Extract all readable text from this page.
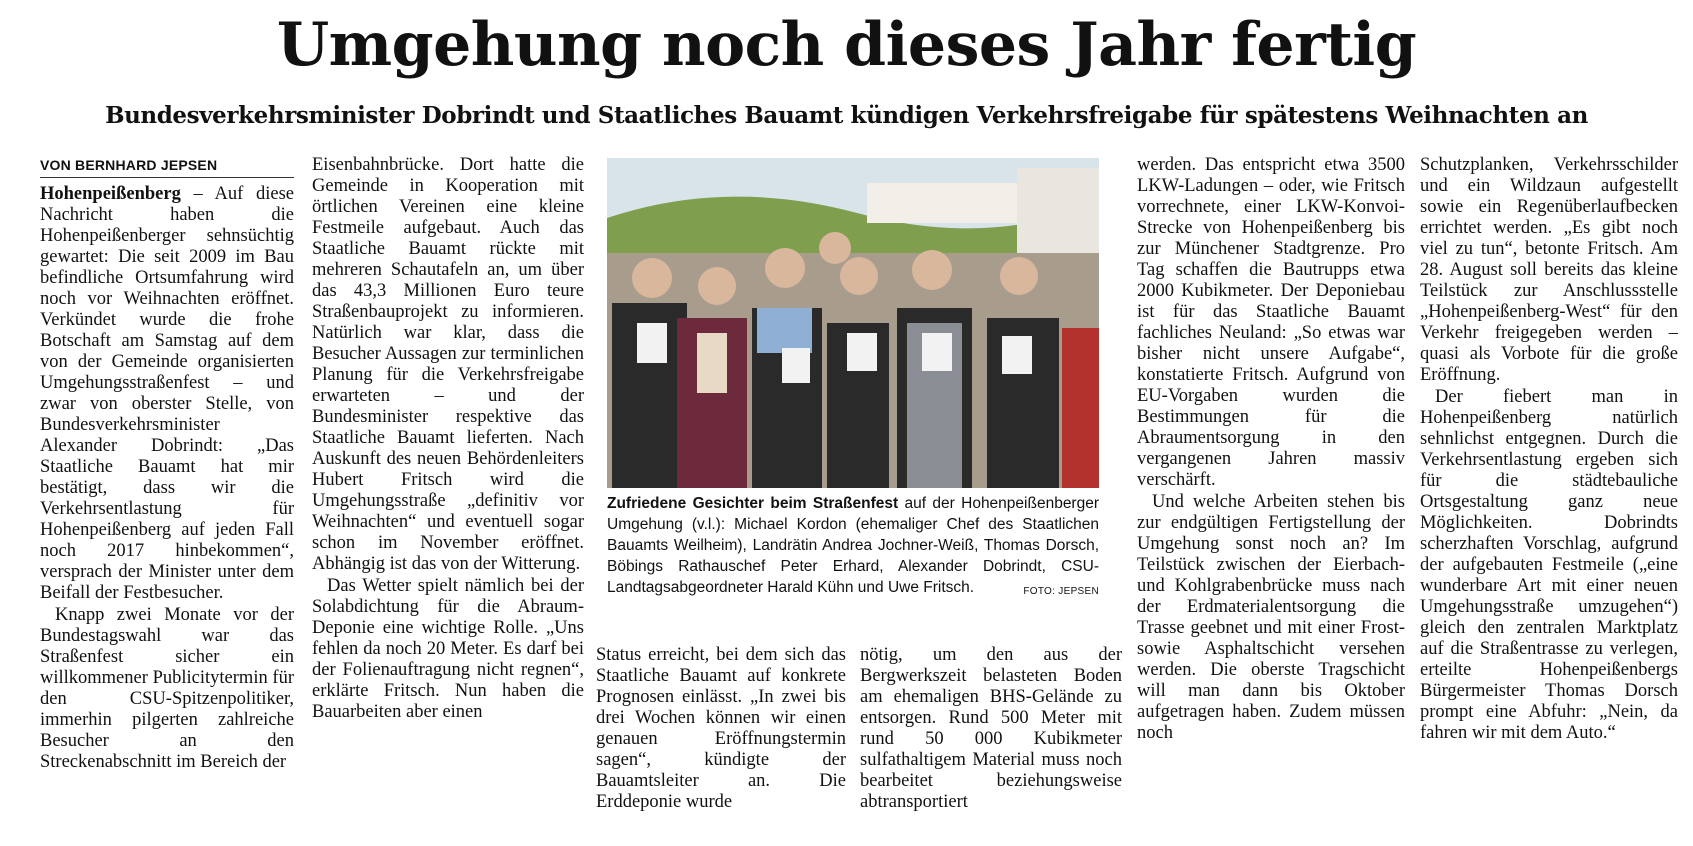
Umgehung noch dieses Jahr fertig
Bundesverkehrsminister Dobrindt und Staatliches Bauamt kündigen Verkehrsfreigabe für spätestens Weihnachten an
VON BERNHARD JEPSEN

Hohenpeißenberg – Auf diese Nachricht haben die Hohenpeißenberger sehnsüchtig gewartet: Die seit 2009 im Bau befindliche Ortsumfahrung wird noch vor Weihnachten eröffnet. Verkündet wurde die frohe Botschaft am Samstag auf dem von der Gemeinde organisierten Umgehungsstraßenfest – und zwar von oberster Stelle, von Bundesverkehrsminister Alexander Dobrindt: „Das Staatliche Bauamt hat mir bestätigt, dass wir die Verkehrsentlastung für Hohenpeißenberg auf jeden Fall noch 2017 hinbekommen“, versprach der Minister unter dem Beifall der Festbesucher.

Knapp zwei Monate vor der Bundestagswahl war das Straßenfest sicher ein willkommener Publicitytermin für den CSU-Spitzenpolitiker, immerhin pilgerten zahlreiche Besucher an den Streckenabschnitt im Bereich der

Eisenbahnbrücke. Dort hatte die Gemeinde in Kooperation mit örtlichen Vereinen eine kleine Festmeile aufgebaut. Auch das Staatliche Bauamt rückte mit mehreren Schautafeln an, um über das 43,3 Millionen Euro teure Straßenbauprojekt zu informieren. Natürlich war klar, dass die Besucher Aussagen zur terminlichen Planung für die Verkehrsfreigabe erwarteten – und der Bundesminister respektive das Staatliche Bauamt lieferten. Nach Auskunft des neuen Behördenleiters Hubert Fritsch wird die Umgehungsstraße „definitiv vor Weihnachten“ und eventuell sogar schon im November eröffnet. Abhängig ist das von der Witterung.

Das Wetter spielt nämlich bei der Solabdichtung für die Abraum-Deponie eine wichtige Rolle. „Uns fehlen da noch 20 Meter. Es darf bei der Folienauftragung nicht regnen“, erklärte Fritsch. Nun haben die Bauarbeiten aber einen

Zufriedene Gesichter beim Straßenfest auf der Hohenpeißenberger Umgehung (v.l.): Michael Kordon (ehemaliger Chef des Staatlichen Bauamts Weilheim), Landrätin Andrea Jochner-Weiß, Thomas Dorsch, Böbings Rathauschef Peter Erhard, Alexander Dobrindt, CSU-Landtagsabgeordneter Harald Kühn und Uwe Fritsch.	FOTO: JEPSEN

Status erreicht, bei dem sich das Staatliche Bauamt auf konkrete Prognosen einlässt. „In zwei bis drei Wochen können wir einen genauen Eröffnungstermin sagen“, kündigte der Bauamtsleiter an. Die Erddeponie wurde

nötig, um den aus der Bergwerkszeit belasteten Boden am ehemaligen BHS-Gelände zu entsorgen. Rund 500 Meter mit rund 50 000 Kubikmeter sulfathaltigem Material muss noch bearbeitet beziehungsweise abtransportiert

werden. Das entspricht etwa 3500 LKW-Ladungen – oder, wie Fritsch vorrechnete, einer LKW-Konvoi-Strecke von Hohenpeißenberg bis zur Münchener Stadtgrenze. Pro Tag schaffen die Bautrupps etwa 2000 Kubikmeter. Der Deponiebau ist für das Staatliche Bauamt fachliches Neuland: „So etwas war bisher nicht unsere Aufgabe“, konstatierte Fritsch. Aufgrund von EU-Vorgaben wurden die Bestimmungen für die Abraumentsorgung in den vergangenen Jahren massiv verschärft.

Und welche Arbeiten stehen bis zur endgültigen Fertigstellung der Umgehung sonst noch an? Im Teilstück zwischen der Eierbach- und Kohlgrabenbrücke muss nach der Erdmaterialentsorgung die Trasse geebnet und mit einer Frost- sowie Asphaltschicht versehen werden. Die oberste Tragschicht will man dann bis Oktober aufgetragen haben. Zudem müssen noch

Schutzplanken, Verkehrsschilder und ein Wildzaun aufgestellt sowie ein Regenüberlaufbecken errichtet werden. „Es gibt noch viel zu tun“, betonte Fritsch. Am 28. August soll bereits das kleine Teilstück zur Anschlussstelle „Hohenpeißenberg-West“ für den Verkehr freigegeben werden – quasi als Vorbote für die große Eröffnung.

Der fiebert man in Hohenpeißenberg natürlich sehnlichst entgegnen. Durch die Verkehrsentlastung ergeben sich für die städtebauliche Ortsgestaltung ganz neue Möglichkeiten. Dobrindts scherzhaften Vorschlag, aufgrund der aufgebauten Festmeile („eine wunderbare Art mit einer neuen Umgehungsstraße umzugehen“) gleich den zentralen Marktplatz auf die Straßentrasse zu verlegen, erteilte Hohenpeißenbergs Bürgermeister Thomas Dorsch prompt eine Abfuhr: „Nein, da fahren wir mit dem Auto.“
